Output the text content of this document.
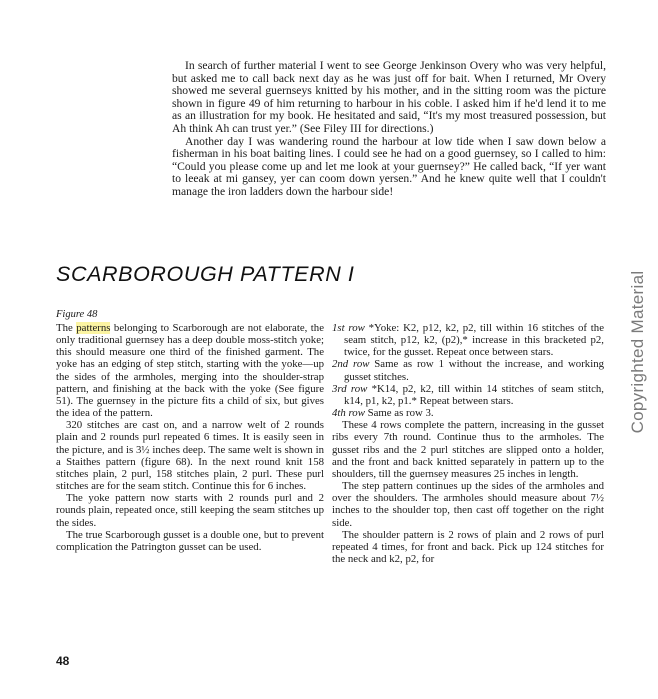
In search of further material I went to see George Jenkinson Overy who was very helpful, but asked me to call back next day as he was just off for bait. When I returned, Mr Overy showed me several guernseys knitted by his mother, and in the sitting room was the picture shown in figure 49 of him returning to harbour in his coble. I asked him if he'd lend it to me as an illustration for my book. He hesitated and said, “It's my most treasured possession, but Ah think Ah can trust yer.” (See Filey III for directions.)

Another day I was wandering round the harbour at low tide when I saw down below a fisherman in his boat baiting lines. I could see he had on a good guernsey, so I called to him: “Could you please come up and let me look at your guernsey?” He called back, “If yer want to leeak at mi gansey, yer can coom down yersen.” And he knew quite well that I couldn't manage the iron ladders down the harbour side!

SCARBOROUGH PATTERN I
Figure 48

The patterns belonging to Scarborough are not elaborate, the only traditional guernsey has a deep double moss-stitch yoke; this should measure one third of the finished garment. The yoke has an edging of step stitch, starting with the yoke—up the sides of the armholes, merging into the shoulder-strap pattern, and finishing at the back with the yoke (See figure 51). The guernsey in the picture fits a child of six, but gives the idea of the pattern.

320 stitches are cast on, and a narrow welt of 2 rounds plain and 2 rounds purl repeated 6 times. It is easily seen in the picture, and is 3½ inches deep. The same welt is shown in a Staithes pattern (figure 68). In the next round knit 158 stitches plain, 2 purl, 158 stitches plain, 2 purl. These purl stitches are for the seam stitch. Continue this for 6 inches.

The yoke pattern now starts with 2 rounds purl and 2 rounds plain, repeated once, still keeping the seam stitches up the sides.

The true Scarborough gusset is a double one, but to prevent complication the Patrington gusset can be used.

1st row *Yoke: K2, p12, k2, p2, till within 16 stitches of the seam stitch, p12, k2, (p2),* increase in this bracketed p2, twice, for the gusset. Repeat once between stars.

2nd row Same as row 1 without the increase, and working gusset stitches.

3rd row *K14, p2, k2, till within 14 stitches of seam stitch, k14, p1, k2, p1.* Repeat between stars.

4th row Same as row 3.

These 4 rows complete the pattern, increasing in the gusset ribs every 7th round. Continue thus to the armholes. The gusset ribs and the 2 purl stitches are slipped onto a holder, and the front and back knitted separately in pattern up to the shoulders, till the guernsey measures 25 inches in length.

The step pattern continues up the sides of the armholes and over the shoulders. The armholes should measure about 7½ inches to the shoulder top, then cast off together on the right side.

The shoulder pattern is 2 rows of plain and 2 rows of purl repeated 4 times, for front and back. Pick up 124 stitches for the neck and k2, p2, for

48
Copyrighted Material
